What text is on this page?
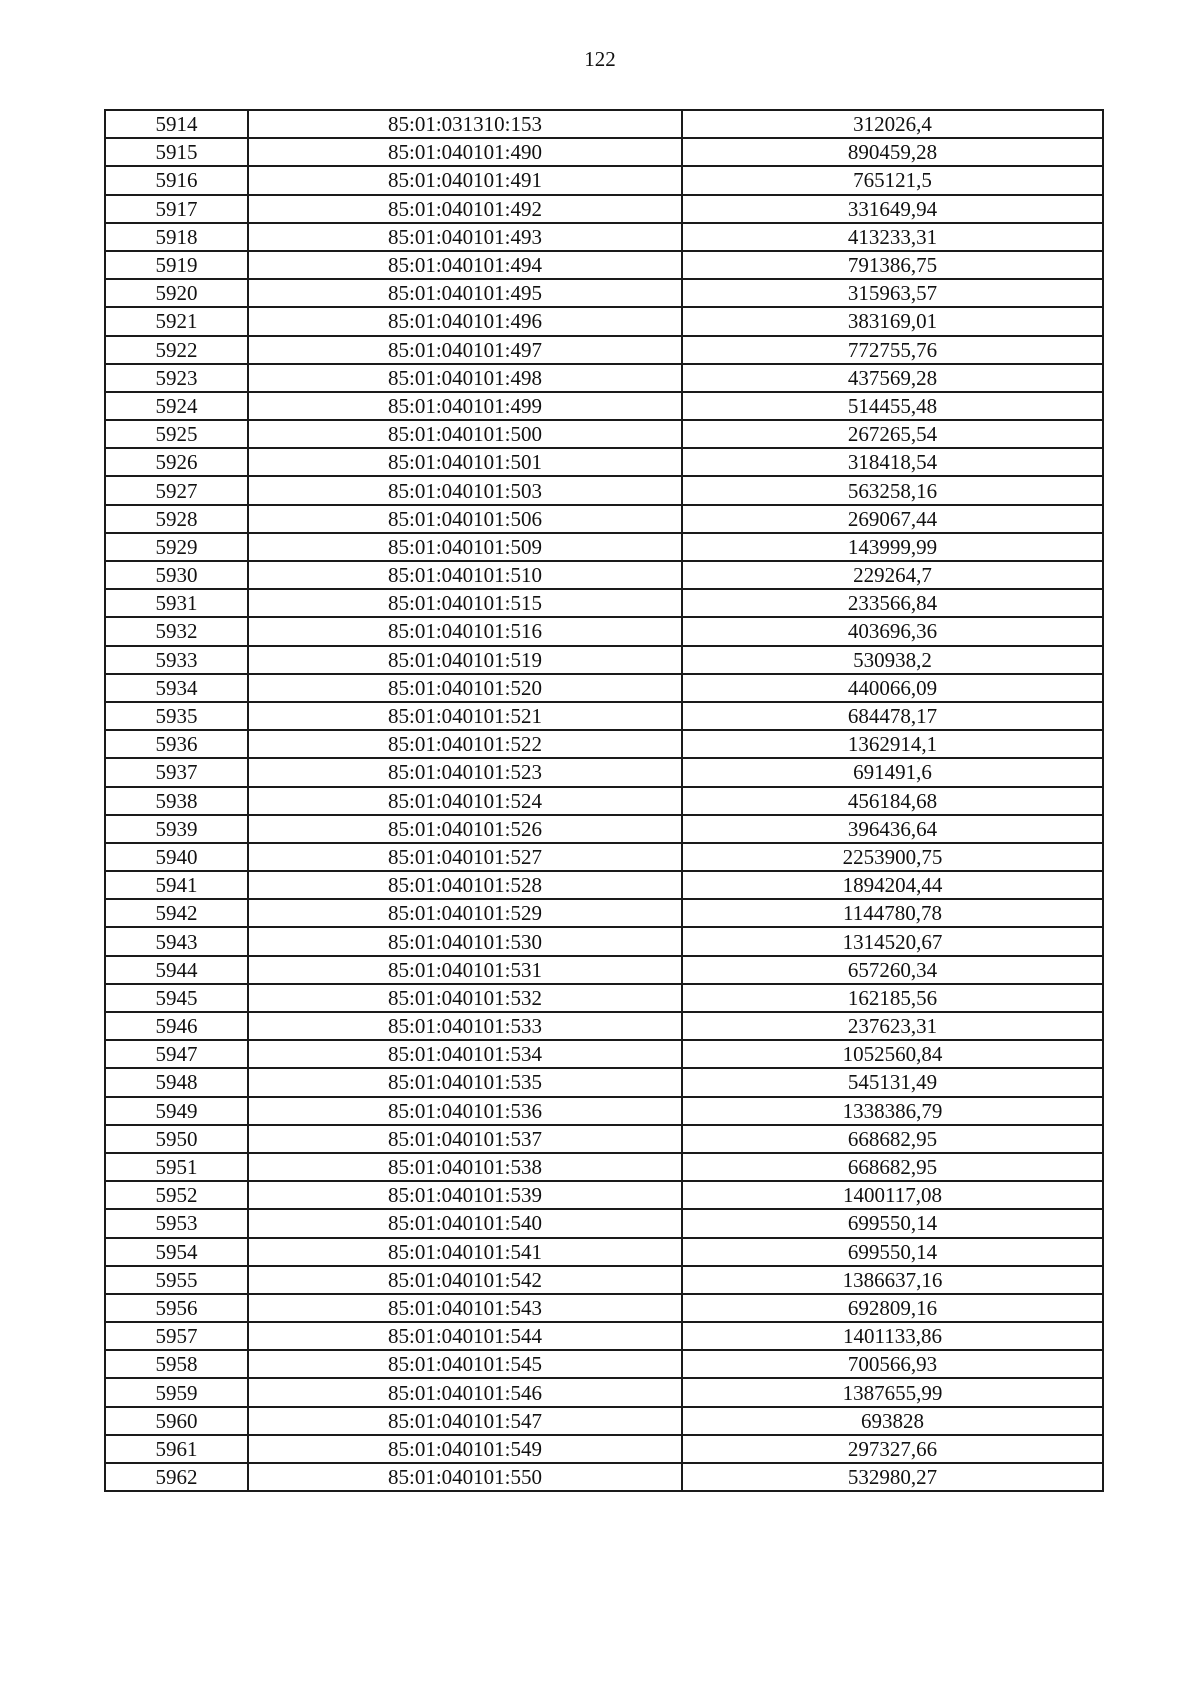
122
5914	85:01:031310:153	312026,4
5915	85:01:040101:490	890459,28
5916	85:01:040101:491	765121,5
5917	85:01:040101:492	331649,94
5918	85:01:040101:493	413233,31
5919	85:01:040101:494	791386,75
5920	85:01:040101:495	315963,57
5921	85:01:040101:496	383169,01
5922	85:01:040101:497	772755,76
5923	85:01:040101:498	437569,28
5924	85:01:040101:499	514455,48
5925	85:01:040101:500	267265,54
5926	85:01:040101:501	318418,54
5927	85:01:040101:503	563258,16
5928	85:01:040101:506	269067,44
5929	85:01:040101:509	143999,99
5930	85:01:040101:510	229264,7
5931	85:01:040101:515	233566,84
5932	85:01:040101:516	403696,36
5933	85:01:040101:519	530938,2
5934	85:01:040101:520	440066,09
5935	85:01:040101:521	684478,17
5936	85:01:040101:522	1362914,1
5937	85:01:040101:523	691491,6
5938	85:01:040101:524	456184,68
5939	85:01:040101:526	396436,64
5940	85:01:040101:527	2253900,75
5941	85:01:040101:528	1894204,44
5942	85:01:040101:529	1144780,78
5943	85:01:040101:530	1314520,67
5944	85:01:040101:531	657260,34
5945	85:01:040101:532	162185,56
5946	85:01:040101:533	237623,31
5947	85:01:040101:534	1052560,84
5948	85:01:040101:535	545131,49
5949	85:01:040101:536	1338386,79
5950	85:01:040101:537	668682,95
5951	85:01:040101:538	668682,95
5952	85:01:040101:539	1400117,08
5953	85:01:040101:540	699550,14
5954	85:01:040101:541	699550,14
5955	85:01:040101:542	1386637,16
5956	85:01:040101:543	692809,16
5957	85:01:040101:544	1401133,86
5958	85:01:040101:545	700566,93
5959	85:01:040101:546	1387655,99
5960	85:01:040101:547	693828
5961	85:01:040101:549	297327,66
5962	85:01:040101:550	532980,27
